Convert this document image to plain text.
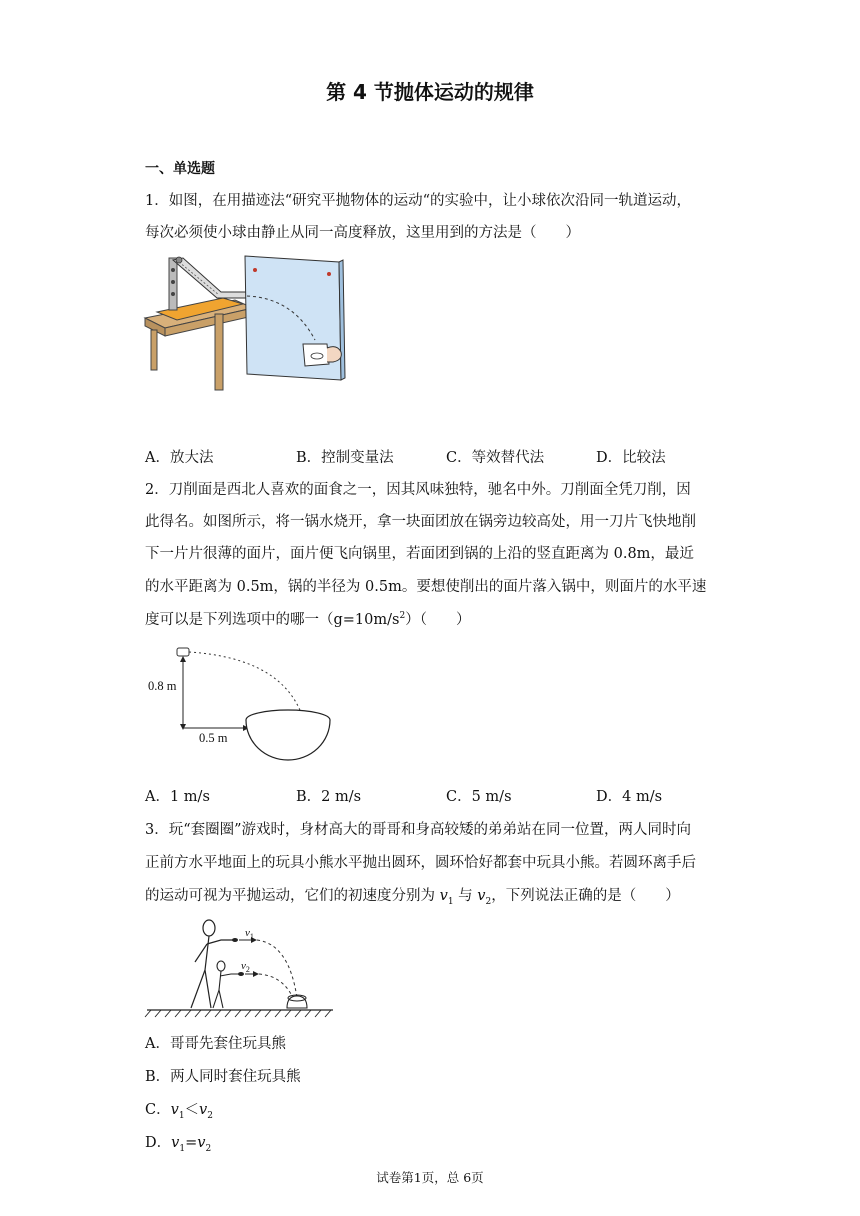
第 4 节抛体运动的规律
一、单选题
1．如图，在用描迹法“研究平抛物体的运动“的实验中，让小球依次沿同一轨道运动，
每次必须使小球由静止从同一高度释放，这里用到的方法是（　　）
A．放大法	B．控制变量法	C．等效替代法	D．比较法
2．刀削面是西北人喜欢的面食之一，因其风味独特，驰名中外。刀削面全凭刀削，因
此得名。如图所示，将一锅水烧开，拿一块面团放在锅旁边较高处，用一刀片飞快地削
下一片片很薄的面片，面片便飞向锅里，若面团到锅的上沿的竖直距离为 0.8m，最近
的水平距离为 0.5m，锅的半径为 0.5m。要想使削出的面片落入锅中，则面片的水平速
度可以是下列选项中的哪一$(g=10m/s^2)$（　　）
0.8 m
0.5 m
A．1 m/s	B．2 m/s	C．5 m/s	D．4 m/s
3．玩“套圈圈”游戏时，身材高大的哥哥和身高较矮的弟弟站在同一位置，两人同时向
正前方水平地面上的玩具小熊水平抛出圆环，圆环恰好都套中玩具小熊。若圆环离手后
的运动可视为平抛运动，它们的初速度分别为 $v_1$ 与 $v_2$，下列说法正确的是（　　）
$v_1$
$v_2$
A．哥哥先套住玩具熊
B．两人同时套住玩具熊
C．$v_1<v_2$
D．$v_1=v_2$
试卷第1页，总 6页
